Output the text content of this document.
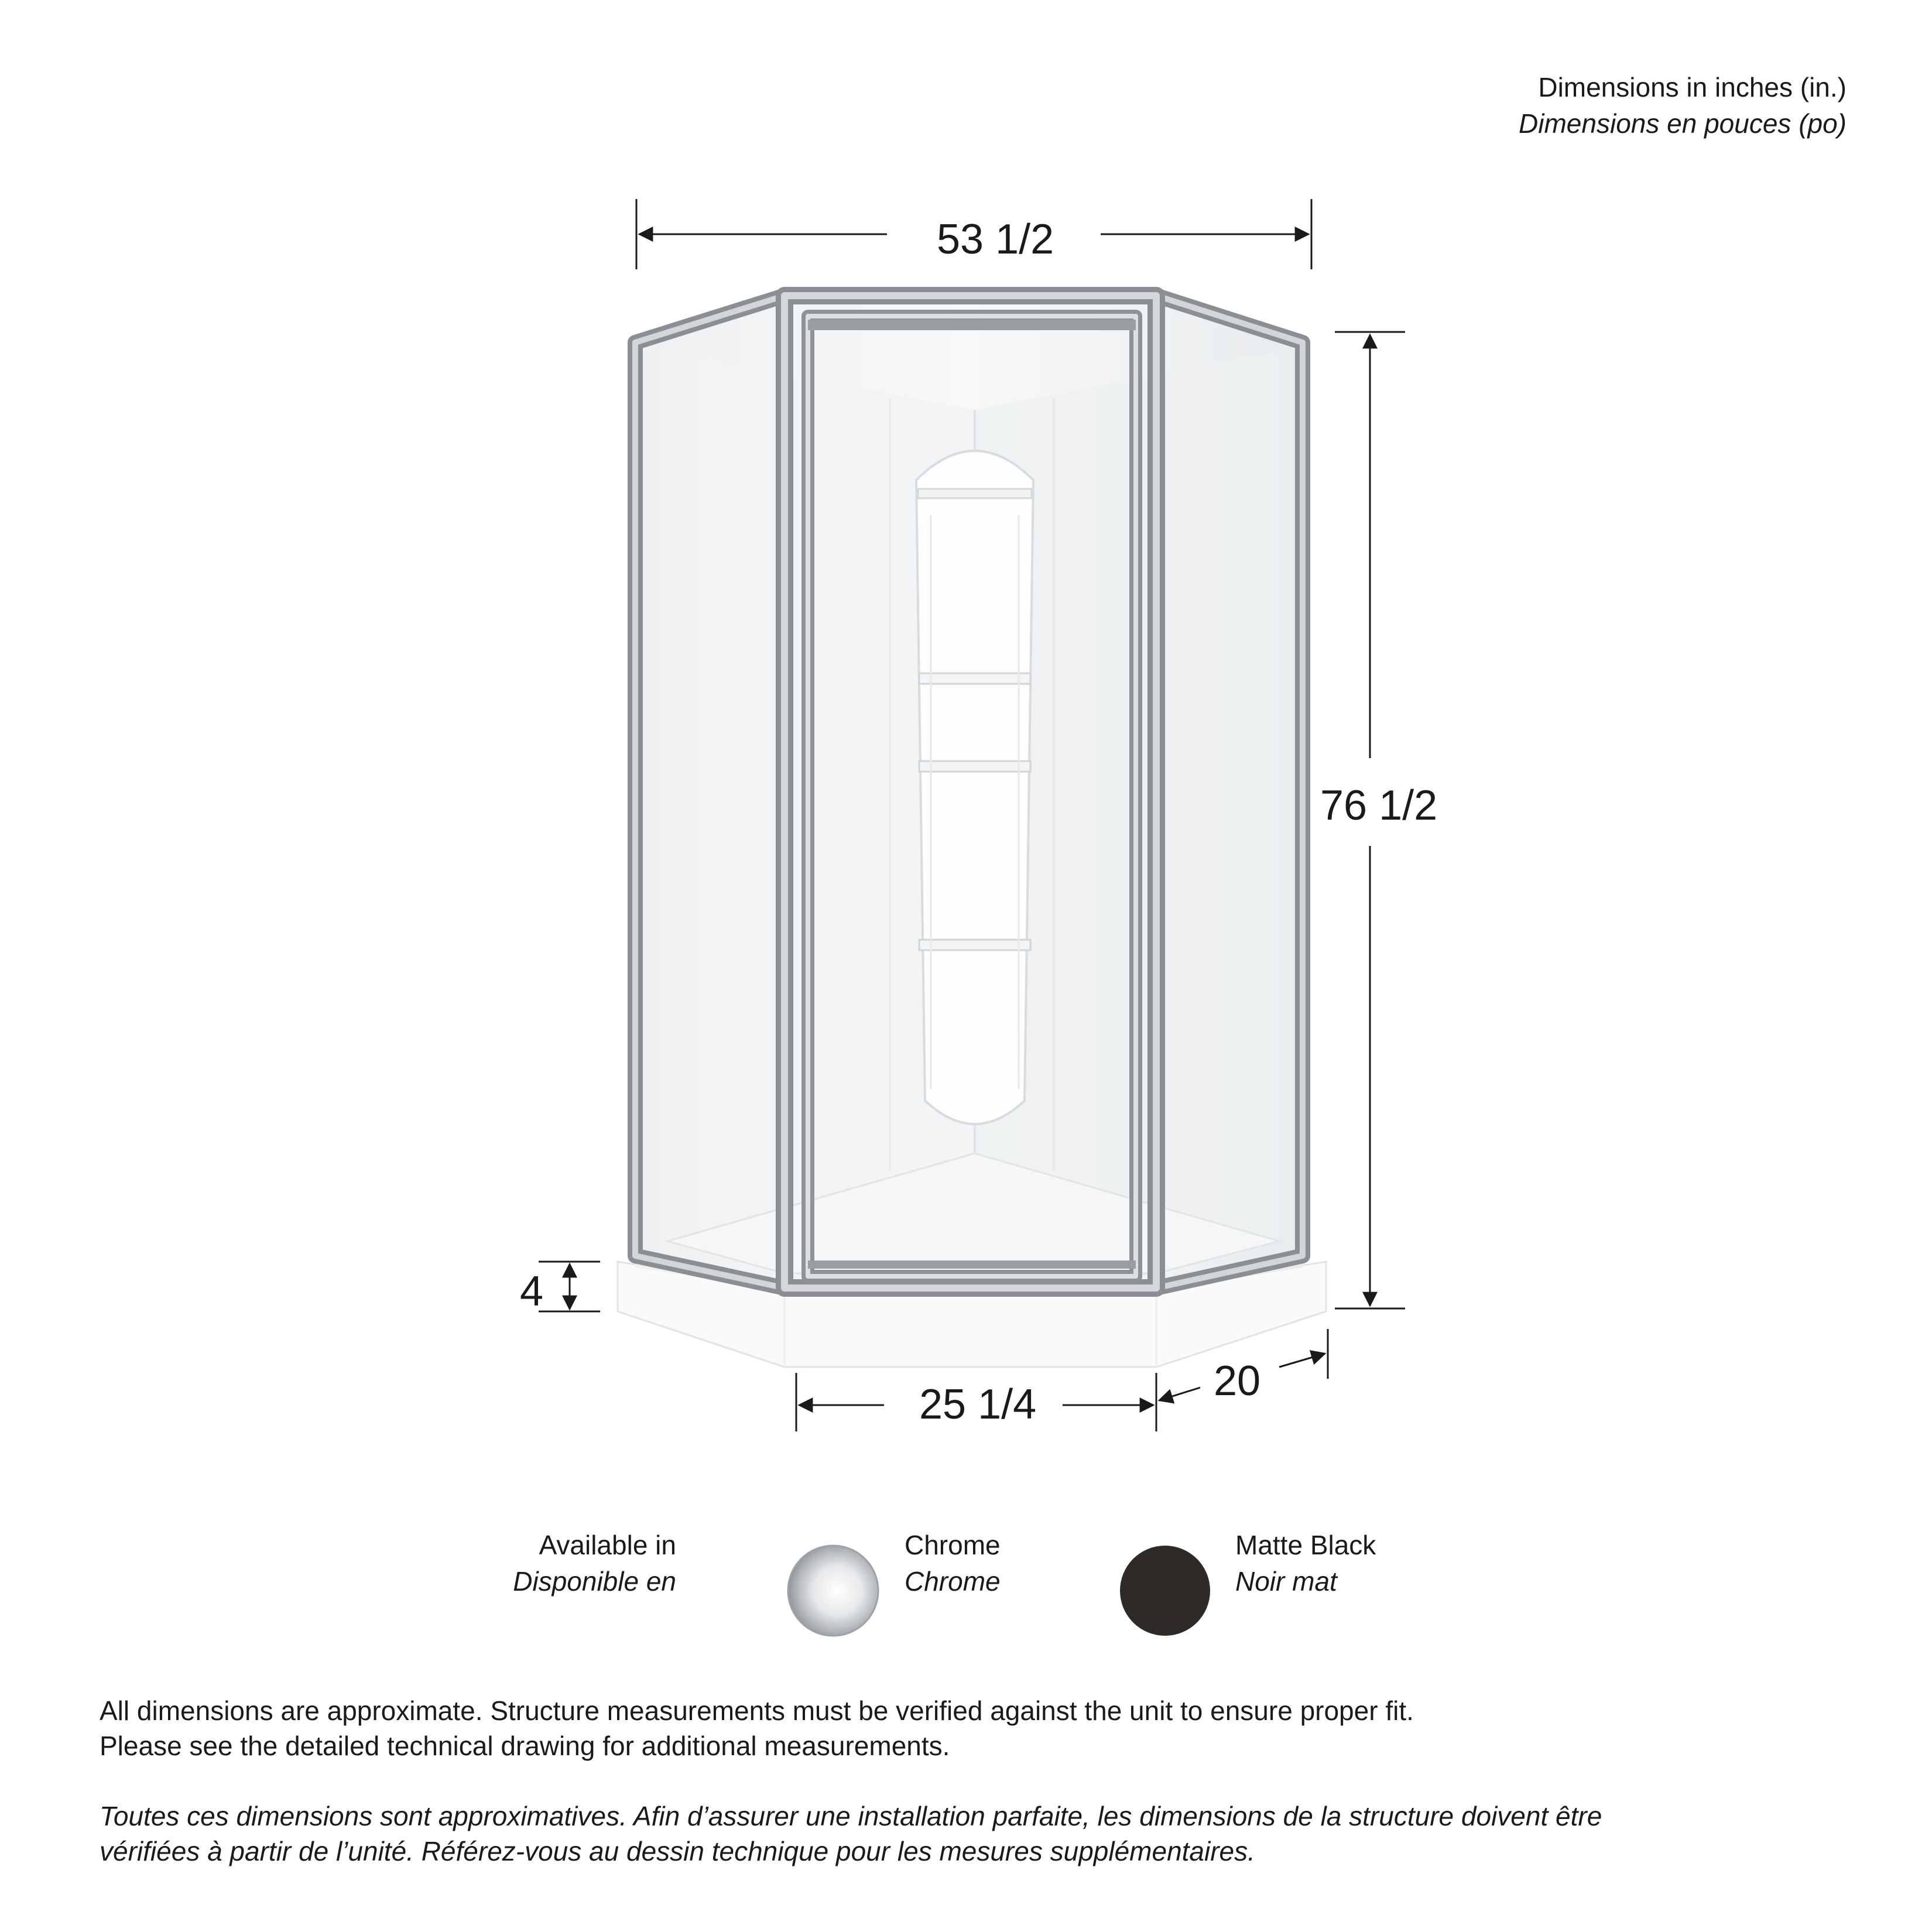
Dimensions in inches (in.)
Dimensions en pouces (po)
53 1/2
76 1/2
4
25 1/4	20
Available in
Disponible en
Chrome
Chrome
Matte Black
Noir mat
All dimensions are approximate. Structure measurements must be verified against the unit to ensure proper fit.
Please see the detailed technical drawing for additional measurements.
Toutes ces dimensions sont approximatives. Afin d’assurer une installation parfaite, les dimensions de la structure doivent être
vérifiées à partir de l’unité. Référez-vous au dessin technique pour les mesures supplémentaires.
